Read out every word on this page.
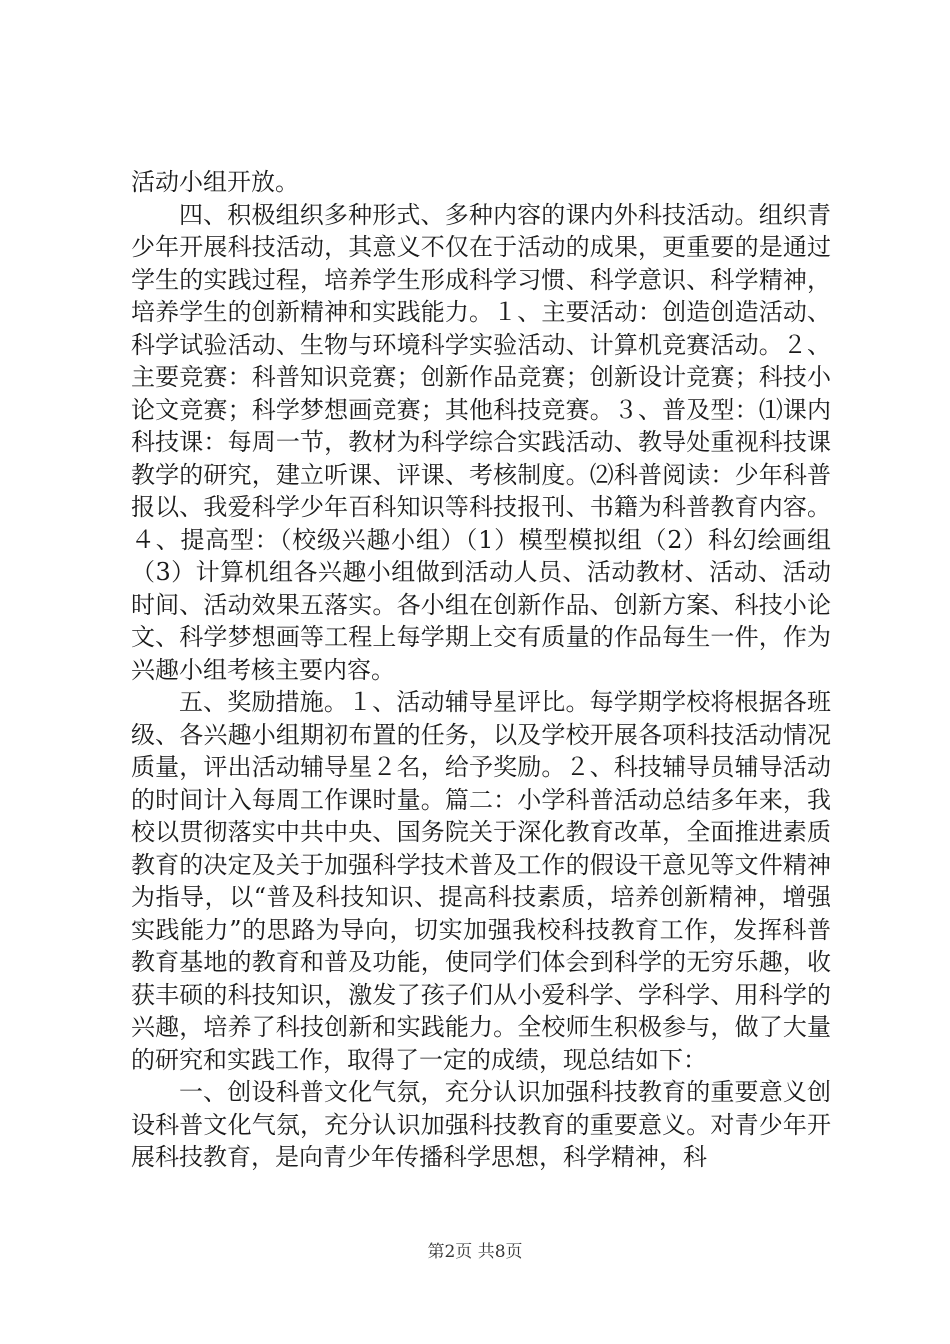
活动小组开放。

四、积极组织多种形式、多种内容的课内外科技活动。组织青少年开展科技活动，其意义不仅在于活动的成果，更重要的是通过学生的实践过程，培养学生形成科学习惯、科学意识、科学精神，培养学生的创新精神和实践能力。１、主要活动：创造创造活动、科学试验活动、生物与环境科学实验活动、计算机竞赛活动。２、主要竞赛：科普知识竞赛；创新作品竞赛；创新设计竞赛；科技小论文竞赛；科学梦想画竞赛；其他科技竞赛。３、普及型：⑴课内科技课：每周一节，教材为科学综合实践活动、教导处重视科技课教学的研究，建立听课、评课、考核制度。⑵科普阅读：少年科普报以、我爱科学少年百科知识等科技报刊、书籍为科普教育内容。４、提高型：（校级兴趣小组）（1）模型模拟组（2）科幻绘画组（3）计算机组各兴趣小组做到活动人员、活动教材、活动、活动时间、活动效果五落实。各小组在创新作品、创新方案、科技小论文、科学梦想画等工程上每学期上交有质量的作品每生一件，作为兴趣小组考核主要内容。

五、奖励措施。１、活动辅导星评比。每学期学校将根据各班级、各兴趣小组期初布置的任务，以及学校开展各项科技活动情况质量，评出活动辅导星２名，给予奖励。２、科技辅导员辅导活动的时间计入每周工作课时量。篇二：小学科普活动总结多年来，我校以贯彻落实中共中央、国务院关于深化教育改革，全面推进素质教育的决定及关于加强科学技术普及工作的假设干意见等文件精神为指导，以“普及科技知识、提高科技素质，培养创新精神，增强实践能力”的思路为导向，切实加强我校科技教育工作，发挥科普教育基地的教育和普及功能，使同学们体会到科学的无穷乐趣，收获丰硕的科技知识，激发了孩子们从小爱科学、学科学、用科学的兴趣，培养了科技创新和实践能力。全校师生积极参与，做了大量的研究和实践工作，取得了一定的成绩，现总结如下：

一、创设科普文化气氛，充分认识加强科技教育的重要意义创设科普文化气氛，充分认识加强科技教育的重要意义。对青少年开展科技教育，是向青少年传播科学思想，科学精神，科

第2页 共8页
